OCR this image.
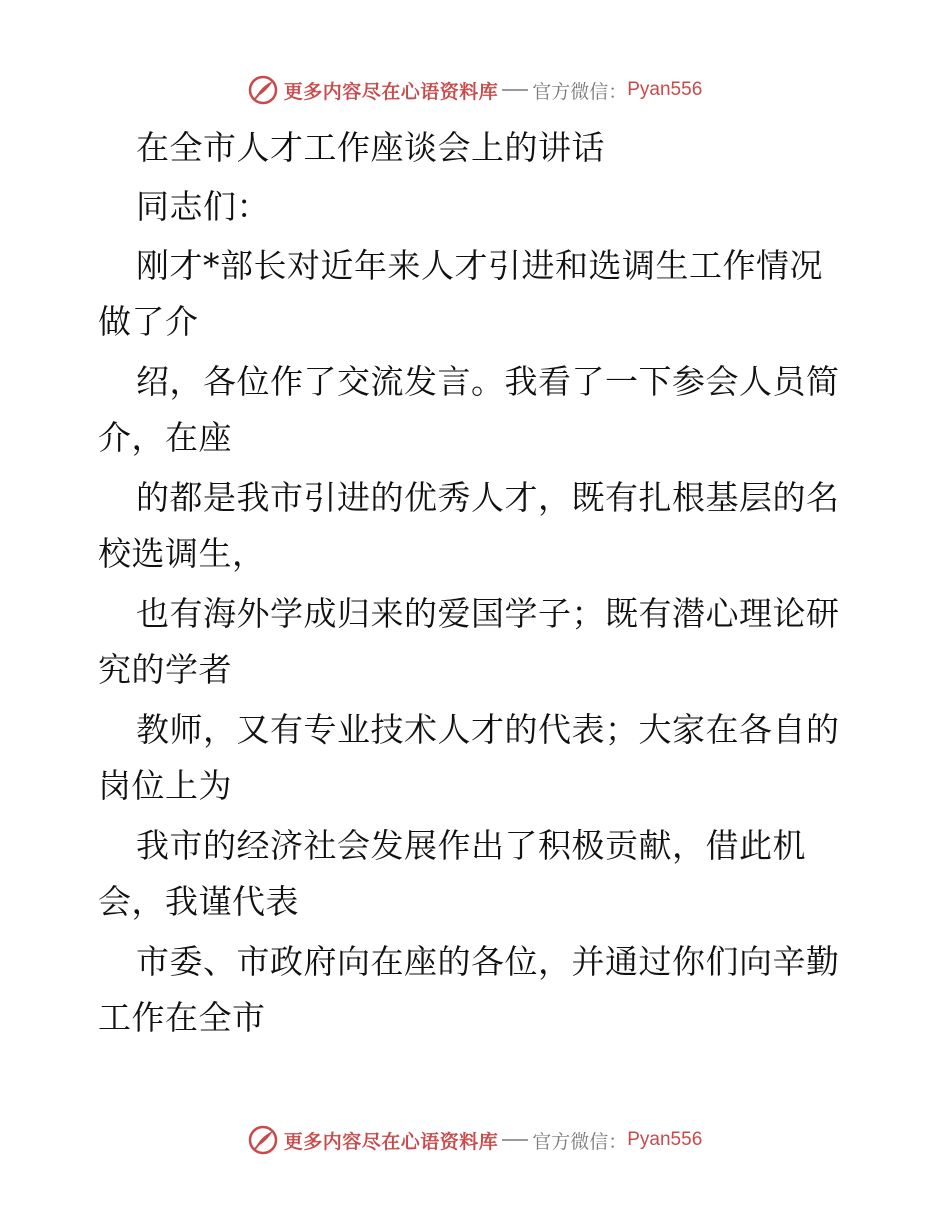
更多内容尽在心语资料库 官方微信： Pyan556
在全市人才工作座谈会上的讲话
同志们：
刚才*部长对近年来人才引进和选调生工作情况
做了介
绍，各位作了交流发言。我看了一下参会人员简
介，在座
的都是我市引进的优秀人才，既有扎根基层的名
校选调生，
也有海外学成归来的爱国学子；既有潜心理论研
究的学者
教师，又有专业技术人才的代表；大家在各自的
岗位上为
我市的经济社会发展作出了积极贡献，借此机
会，我谨代表
市委、市政府向在座的各位，并通过你们向辛勤
工作在全市
更多内容尽在心语资料库 官方微信： Pyan556
